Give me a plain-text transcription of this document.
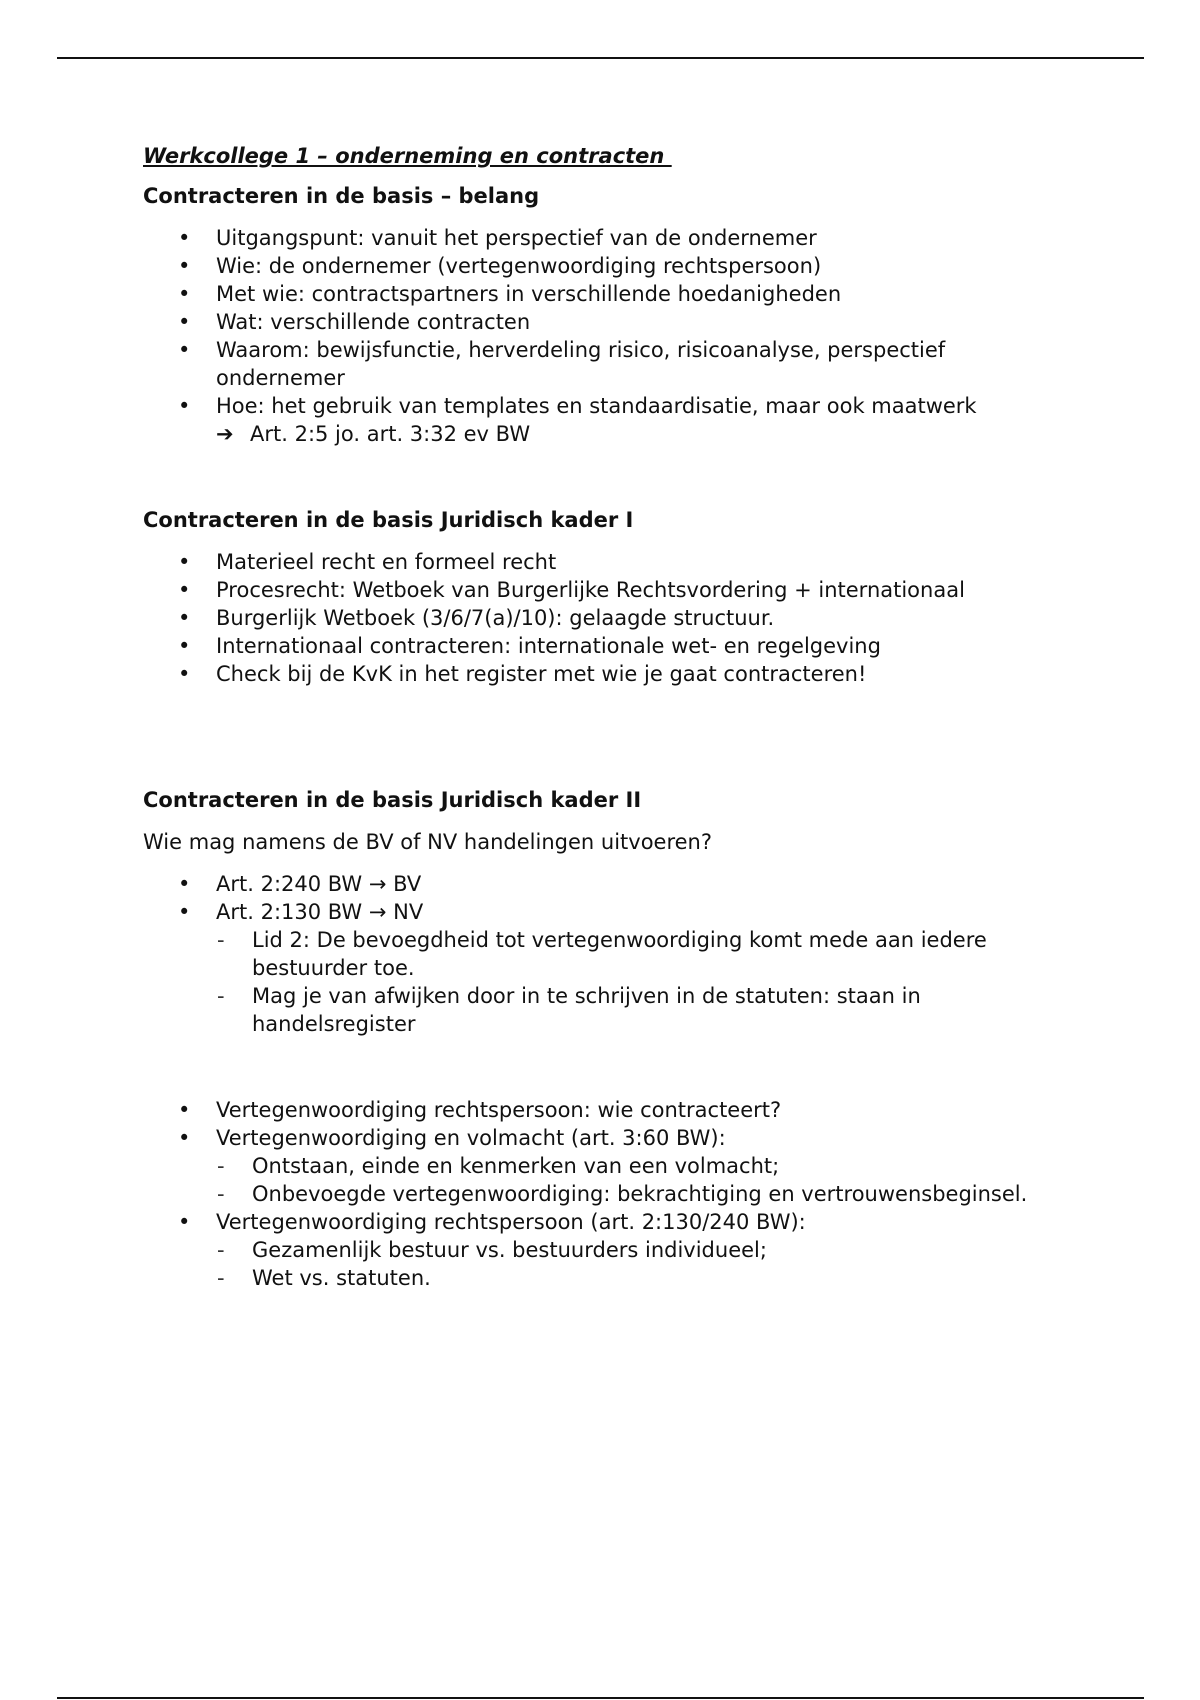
Werkcollege 1 – onderneming en contracten
Contracteren in de basis – belang
• Uitgangspunt: vanuit het perspectief van de ondernemer
• Wie: de ondernemer (vertegenwoordiging rechtspersoon)
• Met wie: contractspartners in verschillende hoedanigheden
• Wat: verschillende contracten
• Waarom: bewijsfunctie, herverdeling risico, risicoanalyse, perspectief ondernemer
• Hoe: het gebruik van templates en standaardisatie, maar ook maatwerk
➔ Art. 2:5 jo. art. 3:32 ev BW
Contracteren in de basis Juridisch kader I
• Materieel recht en formeel recht
• Procesrecht: Wetboek van Burgerlijke Rechtsvordering + internationaal
• Burgerlijk Wetboek (3/6/7(a)/10): gelaagde structuur.
• Internationaal contracteren: internationale wet- en regelgeving
• Check bij de KvK in het register met wie je gaat contracteren!
Contracteren in de basis Juridisch kader II
Wie mag namens de BV of NV handelingen uitvoeren?
• Art. 2:240 BW → BV
• Art. 2:130 BW → NV
- Lid 2: De bevoegdheid tot vertegenwoordiging komt mede aan iedere bestuurder toe.
- Mag je van afwijken door in te schrijven in de statuten: staan in handelsregister
• Vertegenwoordiging rechtspersoon: wie contracteert?
• Vertegenwoordiging en volmacht (art. 3:60 BW):
- Ontstaan, einde en kenmerken van een volmacht;
- Onbevoegde vertegenwoordiging: bekrachtiging en vertrouwensbeginsel.
• Vertegenwoordiging rechtspersoon (art. 2:130/240 BW):
- Gezamenlijk bestuur vs. bestuurders individueel;
- Wet vs. statuten.
